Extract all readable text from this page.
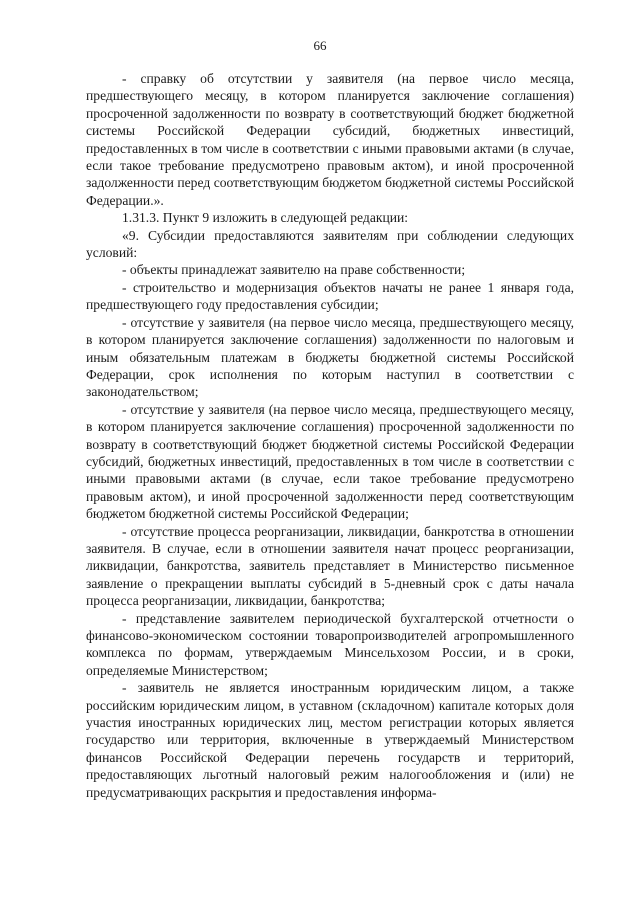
66

- справку об отсутствии у заявителя (на первое число месяца, предшествующего месяцу, в котором планируется заключение соглашения) просроченной задолженности по возврату в соответствующий бюджет бюджетной системы Российской Федерации субсидий, бюджетных инвестиций, предоставленных в том числе в соответствии с иными правовыми актами (в случае, если такое требование предусмотрено правовым актом), и иной просроченной задолженности перед соответствующим бюджетом бюджетной системы Российской Федерации.».

1.31.3. Пункт 9 изложить в следующей редакции:

«9. Субсидии предоставляются заявителям при соблюдении следующих условий:

- объекты принадлежат заявителю на праве собственности;

- строительство и модернизация объектов начаты не ранее 1 января года, предшествующего году предоставления субсидии;

- отсутствие у заявителя (на первое число месяца, предшествующего месяцу, в котором планируется заключение соглашения) задолженности по налоговым и иным обязательным платежам в бюджеты бюджетной системы Российской Федерации, срок исполнения по которым наступил в соответствии с законодательством;

- отсутствие у заявителя (на первое число месяца, предшествующего месяцу, в котором планируется заключение соглашения) просроченной задолженности по возврату в соответствующий бюджет бюджетной системы Российской Федерации субсидий, бюджетных инвестиций, предоставленных в том числе в соответствии с иными правовыми актами (в случае, если такое требование предусмотрено правовым актом), и иной просроченной задолженности перед соответствующим бюджетом бюджетной системы Российской Федерации;

- отсутствие процесса реорганизации, ликвидации, банкротства в отношении заявителя. В случае, если в отношении заявителя начат процесс реорганизации, ликвидации, банкротства, заявитель представляет в Министерство письменное заявление о прекращении выплаты субсидий в 5-дневный срок с даты начала процесса реорганизации, ликвидации, банкротства;

- представление заявителем периодической бухгалтерской отчетности о финансово-экономическом состоянии товаропроизводителей агропромышленного комплекса по формам, утверждаемым Минсельхозом России, и в сроки, определяемые Министерством;

- заявитель не является иностранным юридическим лицом, а также российским юридическим лицом, в уставном (складочном) капитале которых доля участия иностранных юридических лиц, местом регистрации которых является государство или территория, включенные в утверждаемый Министерством финансов Российской Федерации перечень государств и территорий, предоставляющих льготный налоговый режим налогообложения и (или) не предусматривающих раскрытия и предоставления информа-
